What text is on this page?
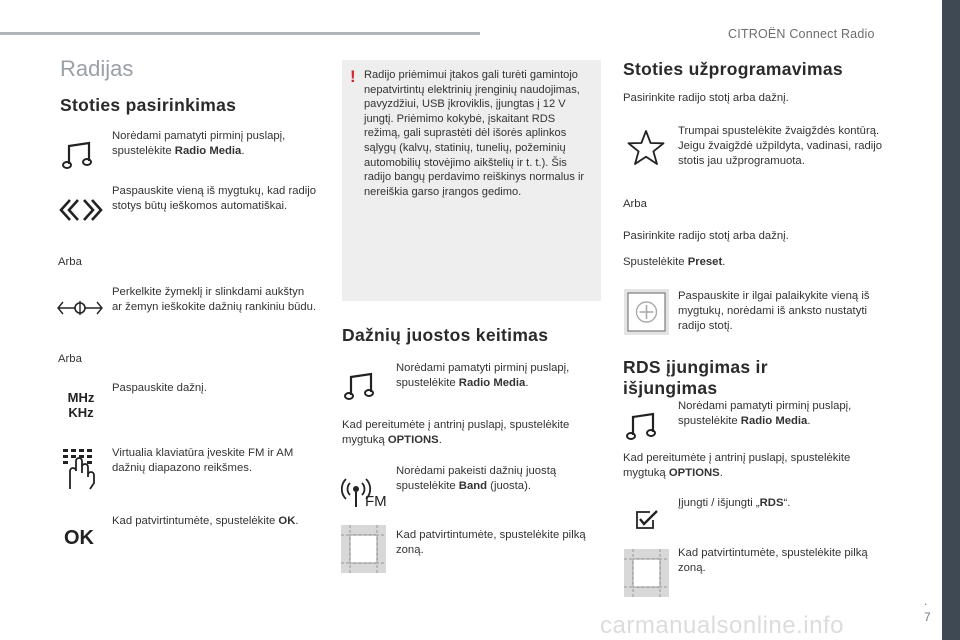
CITROËN Connect Radio
.
7
Radijas
Stoties pasirinkimas

Norėdami pamatyti pirminį puslapį, spustelėkite Radio Media.

Paspauskite vieną iš mygtukų, kad radijo stotys būtų ieškomos automatiškai.

Arba

Perkelkite žymeklį ir slinkdami aukštyn ar žemyn ieškokite dažnių rankiniu būdu.

Arba

MHz
KHz

Paspauskite dažnį.

Virtualia klaviatūra įveskite FM ir AM dažnių diapazono reikšmes.

OK

Kad patvirtintumėte, spustelėkite OK.

! Radijo priėmimui įtakos gali turėti gamintojo nepatvirtintų elektrinių įrenginių naudojimas, pavyzdžiui, USB įkroviklis, įjungtas į 12 V jungtį. Priėmimo kokybė, įskaitant RDS režimą, gali suprastėti dėl išorės aplinkos sąlygų (kalvų, statinių, tunelių, požeminių automobilių stovėjimo aikštelių ir t. t.). Šis radijo bangų perdavimo reiškinys normalus ir nereiškia garso įrangos gedimo.

Dažnių juostos keitimas

Norėdami pamatyti pirminį puslapį, spustelėkite Radio Media.

Kad pereitumėte į antrinį puslapį, spustelėkite mygtuką OPTIONS.

FM

Norėdami pakeisti dažnių juostą spustelėkite Band (juosta).

Kad patvirtintumėte, spustelėkite pilką zoną.

Stoties užprogramavimas

Pasirinkite radijo stotį arba dažnį.

Trumpai spustelėkite žvaigždės kontūrą. Jeigu žvaigždė užpildyta, vadinasi, radijo stotis jau užprogramuota.

Arba

Pasirinkite radijo stotį arba dažnį.

Spustelėkite Preset.

Paspauskite ir ilgai palaikykite vieną iš mygtukų, norėdami iš anksto nustatyti radijo stotį.

RDS įjungimas ir išjungimas

Norėdami pamatyti pirminį puslapį, spustelėkite Radio Media.

Kad pereitumėte į antrinį puslapį, spustelėkite mygtuką OPTIONS.

Įjungti / išjungti „RDS“.

Kad patvirtintumėte, spustelėkite pilką zoną.

carmanualsonline.info
